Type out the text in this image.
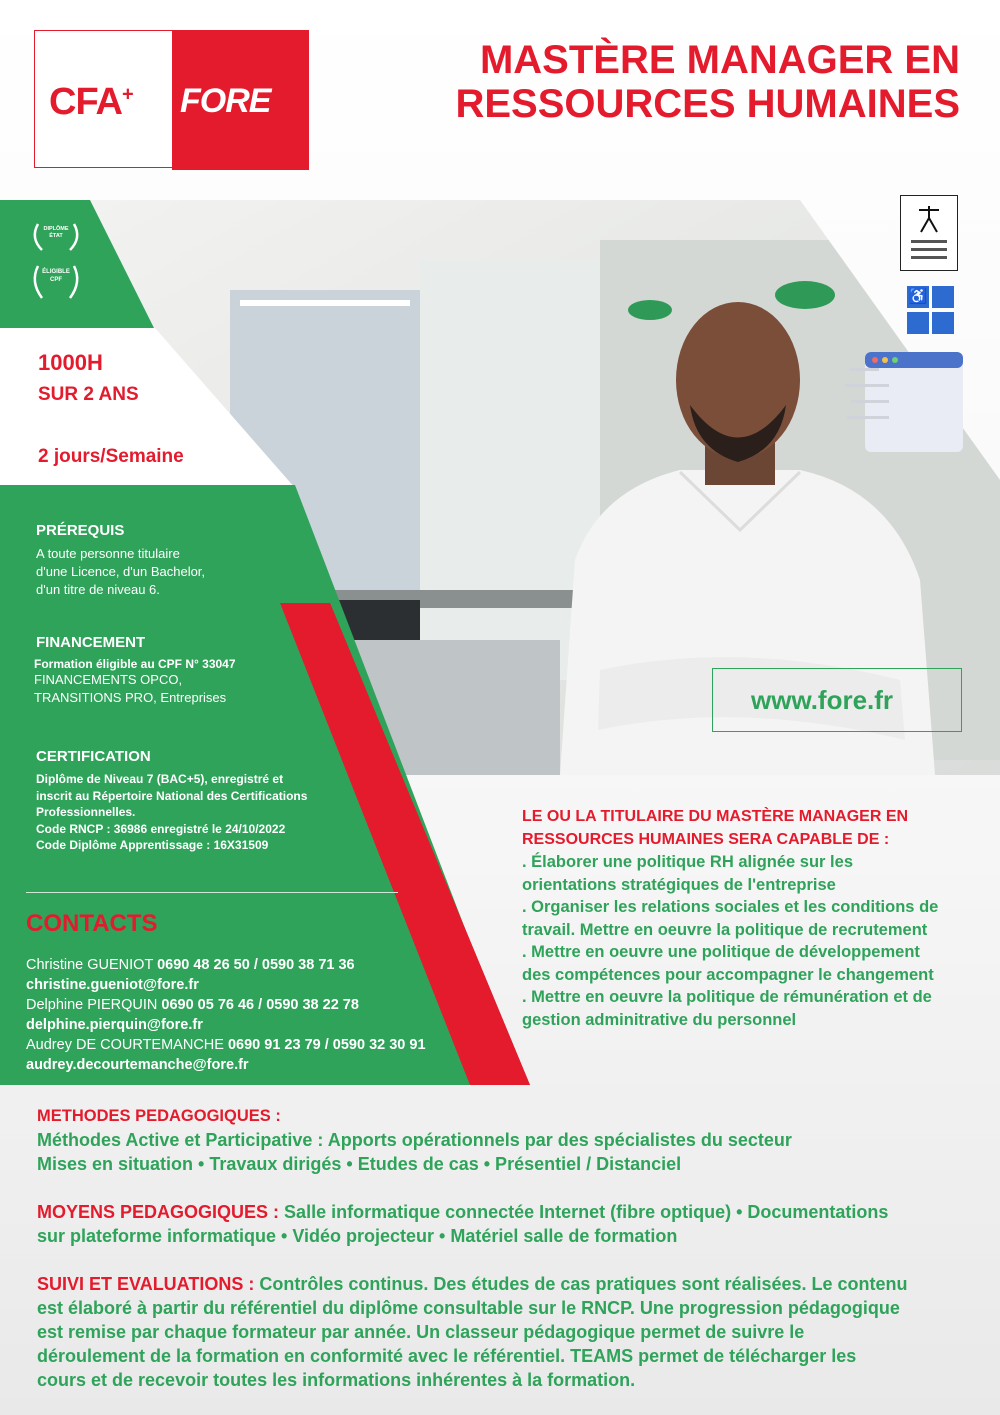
CFA+ FORE
MASTÈRE MANAGER EN
RESSOURCES HUMAINES
♿
DIPLÔME ÉTAT
ÉLIGIBLE CPF
1000H
SUR 2 ANS
2 jours/Semaine
PRÉREQUIS
A toute personne titulaire
d'une Licence, d'un Bachelor,
d'un titre de niveau 6.
FINANCEMENT
Formation éligible au CPF N° 33047
FINANCEMENTS OPCO,
TRANSITIONS PRO, Entreprises
CERTIFICATION
Diplôme de Niveau 7 (BAC+5), enregistré et
inscrit au Répertoire National des Certifications
Professionnelles.
Code RNCP : 36986 enregistré le 24/10/2022
Code Diplôme Apprentissage : 16X31509
CONTACTS
Christine GUENIOT 0690 48 26 50 / 0590 38 71 36
christine.gueniot@fore.fr
Delphine PIERQUIN 0690 05 76 46 / 0590 38 22 78
delphine.pierquin@fore.fr
Audrey DE COURTEMANCHE 0690 91 23 79 / 0590 32 30 91
audrey.decourtemanche@fore.fr
www.fore.fr
LE OU LA TITULAIRE DU MASTÈRE MANAGER EN
RESSOURCES HUMAINES SERA CAPABLE DE :
. Élaborer une politique RH alignée sur les
orientations stratégiques de l'entreprise
. Organiser les relations sociales et les conditions de
travail. Mettre en oeuvre la politique de recrutement
. Mettre en oeuvre une politique de développement
des compétences pour accompagner le changement
. Mettre en oeuvre la politique de rémunération et de
gestion adminitrative du personnel
METHODES PEDAGOGIQUES :
Méthodes Active et Participative : Apports opérationnels par des spécialistes du secteur
Mises en situation • Travaux dirigés • Etudes de cas • Présentiel / Distanciel
MOYENS PEDAGOGIQUES : Salle informatique connectée Internet (fibre optique) • Documentations
sur plateforme informatique • Vidéo projecteur • Matériel salle de formation
SUIVI ET EVALUATIONS : Contrôles continus. Des études de cas pratiques sont réalisées. Le contenu
est élaboré à partir du référentiel du diplôme consultable sur le RNCP. Une progression pédagogique
est remise par chaque formateur par année. Un classeur pédagogique permet de suivre le
déroulement de la formation en conformité avec le référentiel. TEAMS permet de télécharger les
cours et de recevoir toutes les informations inhérentes à la formation.
